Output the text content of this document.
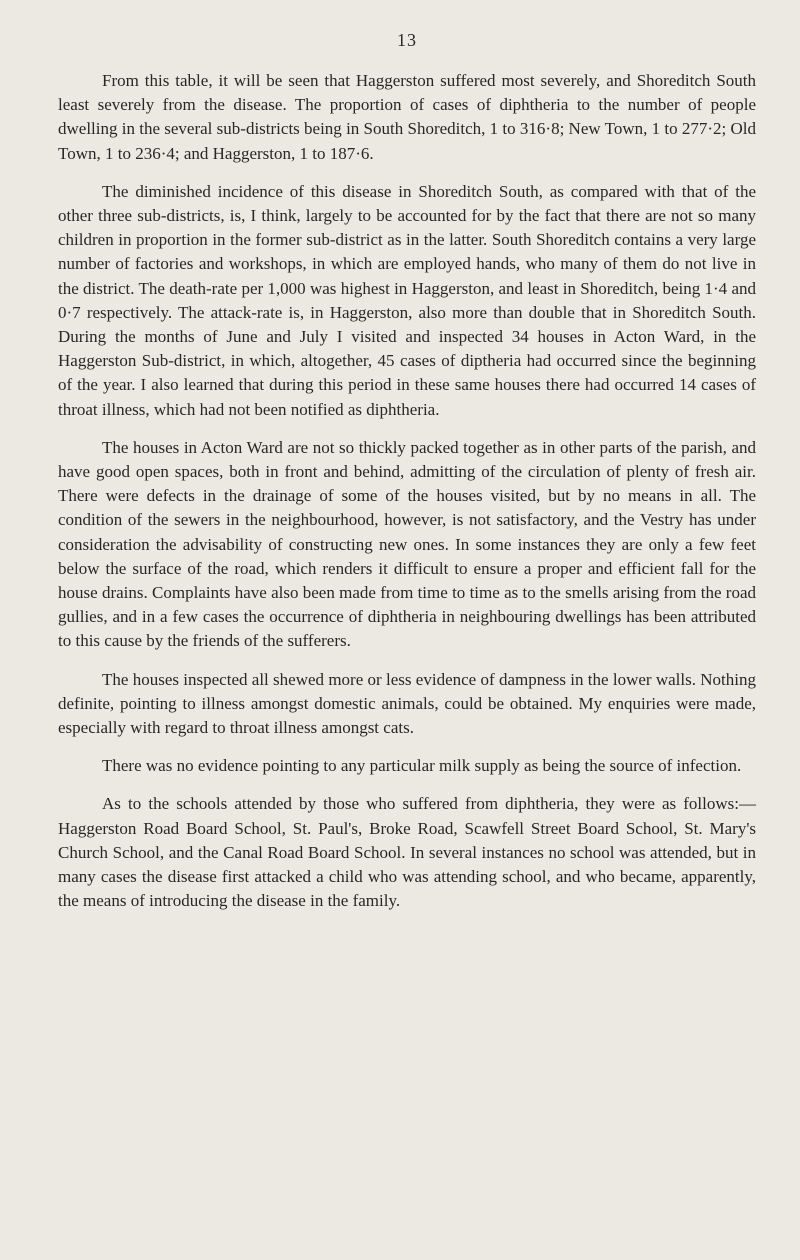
13

From this table, it will be seen that Haggerston suffered most severely, and Shoreditch South least severely from the disease. The proportion of cases of diphtheria to the number of people dwelling in the several sub-districts being in South Shoreditch, 1 to 316·8; New Town, 1 to 277·2; Old Town, 1 to 236·4; and Haggerston, 1 to 187·6.

The diminished incidence of this disease in Shoreditch South, as compared with that of the other three sub-districts, is, I think, largely to be accounted for by the fact that there are not so many children in proportion in the former sub-district as in the latter. South Shoreditch contains a very large number of factories and workshops, in which are employed hands, who many of them do not live in the district. The death-rate per 1,000 was highest in Haggerston, and least in Shoreditch, being 1·4 and 0·7 respectively. The attack-rate is, in Haggerston, also more than double that in Shoreditch South. During the months of June and July I visited and inspected 34 houses in Acton Ward, in the Haggerston Sub-district, in which, altogether, 45 cases of diptheria had occurred since the beginning of the year. I also learned that during this period in these same houses there had occurred 14 cases of throat illness, which had not been notified as diphtheria.

The houses in Acton Ward are not so thickly packed together as in other parts of the parish, and have good open spaces, both in front and behind, admitting of the circulation of plenty of fresh air. There were defects in the drainage of some of the houses visited, but by no means in all. The condition of the sewers in the neighbourhood, however, is not satisfactory, and the Vestry has under consideration the advisability of constructing new ones. In some instances they are only a few feet below the surface of the road, which renders it difficult to ensure a proper and efficient fall for the house drains. Complaints have also been made from time to time as to the smells arising from the road gullies, and in a few cases the occurrence of diphtheria in neighbouring dwellings has been attributed to this cause by the friends of the sufferers.

The houses inspected all shewed more or less evidence of dampness in the lower walls. Nothing definite, pointing to illness amongst domestic animals, could be obtained. My enquiries were made, especially with regard to throat illness amongst cats.

There was no evidence pointing to any particular milk supply as being the source of infection.

As to the schools attended by those who suffered from diphtheria, they were as follows:—Haggerston Road Board School, St. Paul's, Broke Road, Scawfell Street Board School, St. Mary's Church School, and the Canal Road Board School. In several instances no school was attended, but in many cases the disease first attacked a child who was attending school, and who became, apparently, the means of introducing the disease in the family.
